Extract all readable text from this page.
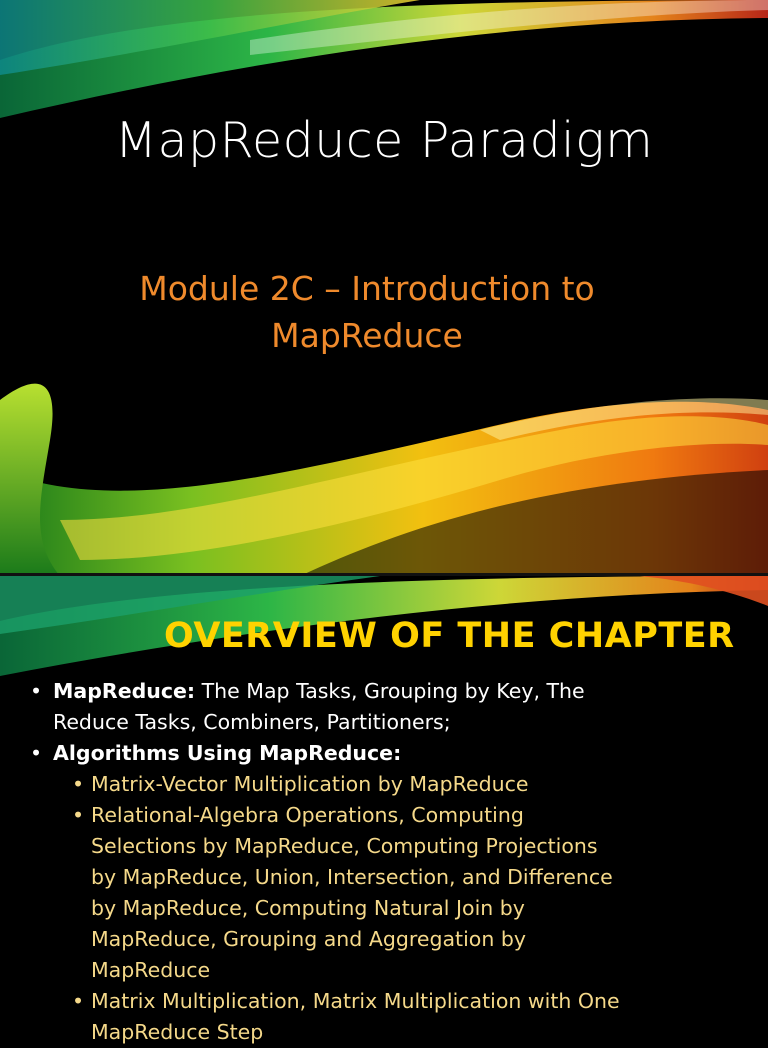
MapReduce Paradigm
Module 2C – Introduction to
MapReduce
OVERVIEW OF THE CHAPTER
• MapReduce: The Map Tasks, Grouping by Key, The
Reduce Tasks, Combiners, Partitioners;
• Algorithms Using MapReduce:
• Matrix-Vector Multiplication by MapReduce
• Relational-Algebra Operations, Computing
Selections by MapReduce, Computing Projections
by MapReduce, Union, Intersection, and Difference
by MapReduce, Computing Natural Join by
MapReduce, Grouping and Aggregation by
MapReduce
• Matrix Multiplication, Matrix Multiplication with One
MapReduce Step
